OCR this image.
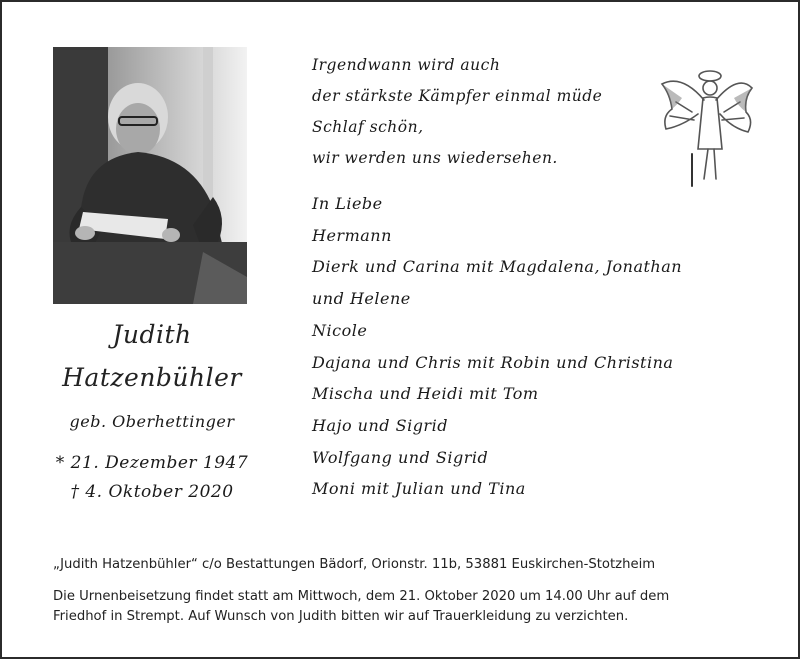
Judith
Hatzenbühler
geb. Oberhettinger
* 21. Dezember 1947
† 4. Oktober 2020
Irgendwann wird auch
der stärkste Kämpfer einmal müde
Schlaf schön,
wir werden uns wiedersehen.
In Liebe
Hermann
Dierk und Carina mit Magdalena, Jonathan
und Helene
Nicole
Dajana und Chris mit Robin und Christina
Mischa und Heidi mit Tom
Hajo und Sigrid
Wolfgang und Sigrid
Moni mit Julian und Tina
„Judith Hatzenbühler“ c/o Bestattungen Bädorf, Orionstr. 11b, 53881 Euskirchen-Stotzheim
Die Urnenbeisetzung findet statt am Mittwoch, dem 21. Oktober 2020 um 14.00 Uhr auf dem
Friedhof in Strempt. Auf Wunsch von Judith bitten wir auf Trauerkleidung zu verzichten.
